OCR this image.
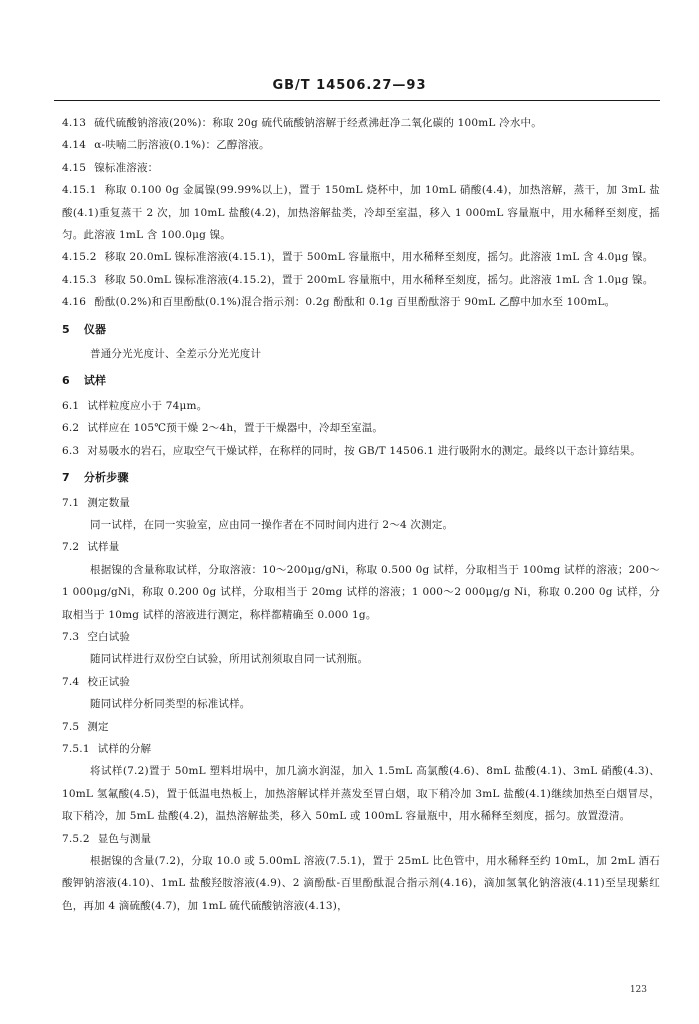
GB/T 14506.27—93

4.13 硫代硫酸钠溶液(20%)：称取 20g 硫代硫酸钠溶解于经煮沸赶净二氧化碳的 100mL 冷水中。

4.14 α-呋喃二肟溶液(0.1%)：乙醇溶液。

4.15 镍标准溶液：

4.15.1 称取 0.100 0g 金属镍(99.99%以上)，置于 150mL 烧杯中，加 10mL 硝酸(4.4)，加热溶解，蒸干，加 3mL 盐酸(4.1)重复蒸干 2 次，加 10mL 盐酸(4.2)，加热溶解盐类，冷却至室温，移入 1 000mL 容量瓶中，用水稀释至刻度，摇匀。此溶液 1mL 含 100.0μg 镍。

4.15.2 移取 20.0mL 镍标准溶液(4.15.1)，置于 500mL 容量瓶中，用水稀释至刻度，摇匀。此溶液 1mL 含 4.0μg 镍。

4.15.3 移取 50.0mL 镍标准溶液(4.15.2)，置于 200mL 容量瓶中，用水稀释至刻度，摇匀。此溶液 1mL 含 1.0μg 镍。

4.16 酚酞(0.2%)和百里酚酞(0.1%)混合指示剂：0.2g 酚酞和 0.1g 百里酚酞溶于 90mL 乙醇中加水至 100mL。

5 仪器

普通分光光度计、全差示分光光度计

6 试样

6.1 试样粒度应小于 74μm。

6.2 试样应在 105℃预干燥 2～4h，置于干燥器中，冷却至室温。

6.3 对易吸水的岩石，应取空气干燥试样，在称样的同时，按 GB/T 14506.1 进行吸附水的测定。最终以干态计算结果。

7 分析步骤

7.1 测定数量

同一试样，在同一实验室，应由同一操作者在不同时间内进行 2～4 次测定。

7.2 试样量

根据镍的含量称取试样，分取溶液：10～200μg/gNi，称取 0.500 0g 试样，分取相当于 100mg 试样的溶液；200～1 000μg/gNi，称取 0.200 0g 试样，分取相当于 20mg 试样的溶液；1 000～2 000μg/g Ni，称取 0.200 0g 试样，分取相当于 10mg 试样的溶液进行测定，称样都精确至 0.000 1g。

7.3 空白试验

随同试样进行双份空白试验，所用试剂须取自同一试剂瓶。

7.4 校正试验

随同试样分析同类型的标准试样。

7.5 测定

7.5.1 试样的分解

将试样(7.2)置于 50mL 塑料坩埚中，加几滴水润湿，加入 1.5mL 高氯酸(4.6)、8mL 盐酸(4.1)、3mL 硝酸(4.3)、10mL 氢氟酸(4.5)，置于低温电热板上，加热溶解试样并蒸发至冒白烟，取下稍冷加 3mL 盐酸(4.1)继续加热至白烟冒尽，取下稍冷，加 5mL 盐酸(4.2)，温热溶解盐类，移入 50mL 或 100mL 容量瓶中，用水稀释至刻度，摇匀。放置澄清。

7.5.2 显色与测量

根据镍的含量(7.2)，分取 10.0 或 5.00mL 溶液(7.5.1)，置于 25mL 比色管中，用水稀释至约 10mL，加 2mL 酒石酸钾钠溶液(4.10)、1mL 盐酸羟胺溶液(4.9)、2 滴酚酞-百里酚酞混合指示剂(4.16)，滴加氢氧化钠溶液(4.11)至呈现紫红色，再加 4 滴硫酸(4.7)，加 1mL 硫代硫酸钠溶液(4.13)，

123
